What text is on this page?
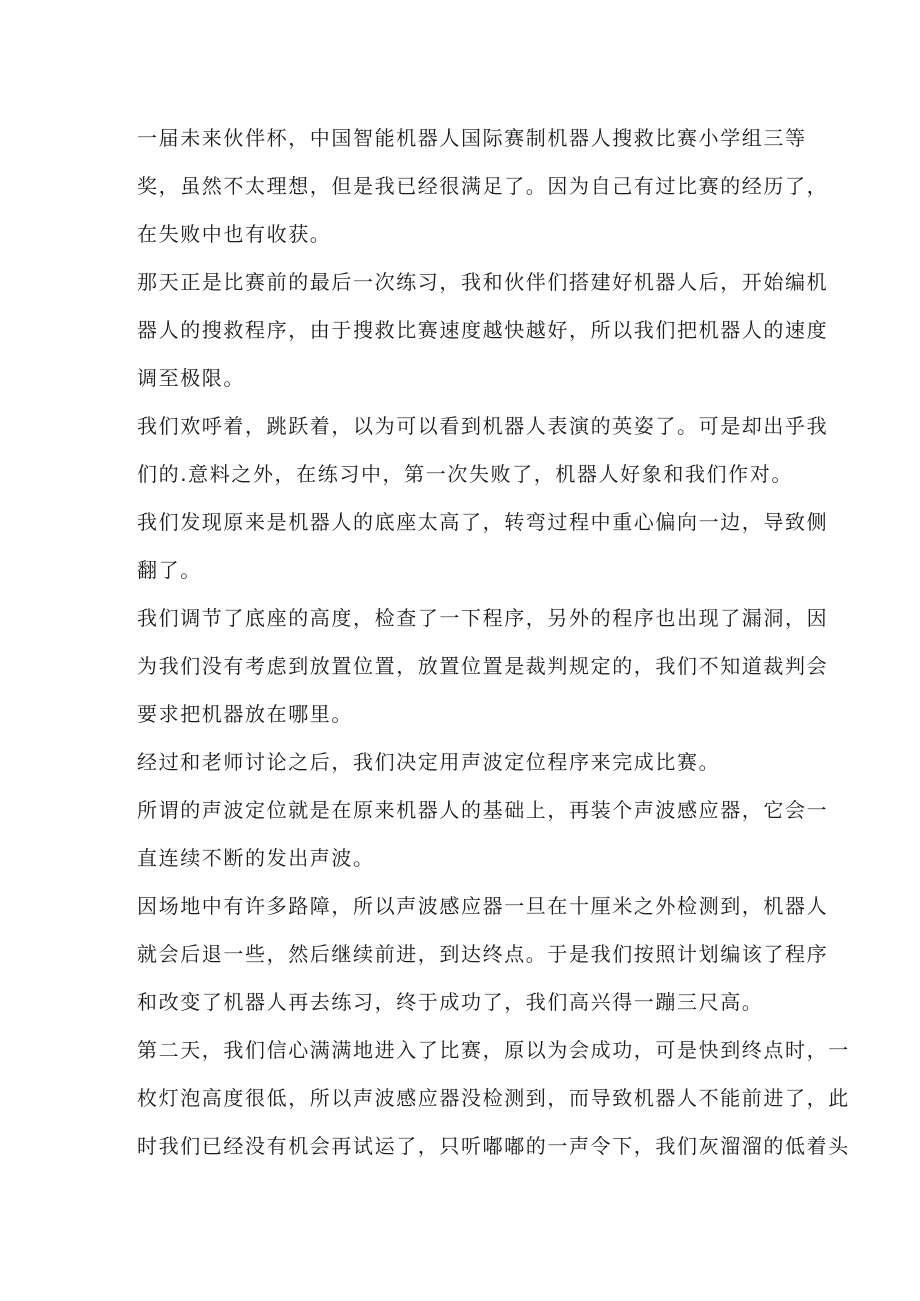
一届未来伙伴杯，中国智能机器人国际赛制机器人搜救比赛小学组三等
奖，虽然不太理想，但是我已经很满足了。因为自己有过比赛的经历了，
在失败中也有收获。

那天正是比赛前的最后一次练习，我和伙伴们搭建好机器人后，开始编机
器人的搜救程序，由于搜救比赛速度越快越好，所以我们把机器人的速度
调至极限。

我们欢呼着，跳跃着，以为可以看到机器人表演的英姿了。可是却出乎我
们的.意料之外，在练习中，第一次失败了，机器人好象和我们作对。

我们发现原来是机器人的底座太高了，转弯过程中重心偏向一边，导致侧
翻了。

我们调节了底座的高度，检查了一下程序，另外的程序也出现了漏洞，因
为我们没有考虑到放置位置，放置位置是裁判规定的，我们不知道裁判会
要求把机器放在哪里。

经过和老师讨论之后，我们决定用声波定位程序来完成比赛。

所谓的声波定位就是在原来机器人的基础上，再装个声波感应器，它会一
直连续不断的发出声波。

因场地中有许多路障，所以声波感应器一旦在十厘米之外检测到，机器人
就会后退一些，然后继续前进，到达终点。于是我们按照计划编该了程序
和改变了机器人再去练习，终于成功了，我们高兴得一蹦三尺高。

第二天，我们信心满满地进入了比赛，原以为会成功，可是快到终点时，一
枚灯泡高度很低，所以声波感应器没检测到，而导致机器人不能前进了，此
时我们已经没有机会再试运了，只听嘟嘟的一声令下，我们灰溜溜的低着头
